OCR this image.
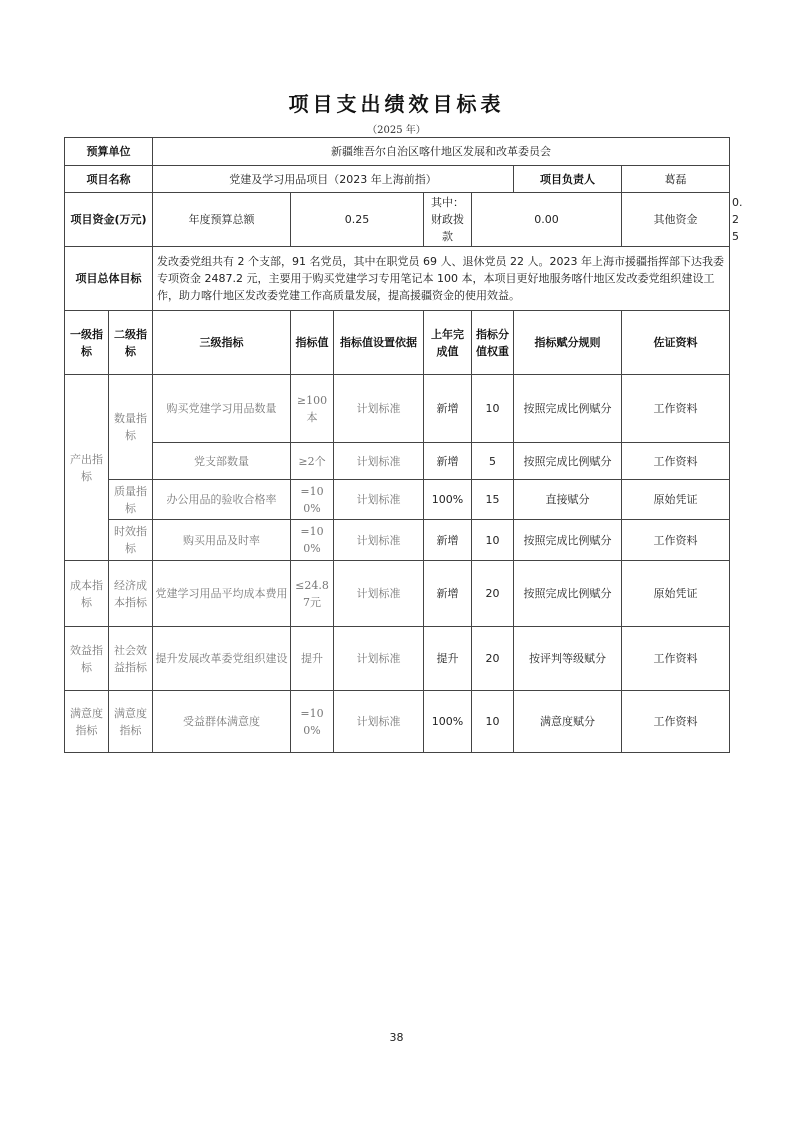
项目支出绩效目标表
（2025 年）
预算单位		新疆维吾尔自治区喀什地区发展和改革委员会							
项目名称		党建及学习用品项目（2023 年上海前指）					项目负责人	葛磊	
项目资金(万元)		年度预算总额	0.25		其中：财政拨款	0.00		其他资金	0.25
项目总体目标		发改委党组共有 2 个支部，91 名党员，其中在职党员 69 人、退休党员 22 人。2023 年上海市援疆指挥部下达我委专项资金 2487.2 元，主要用于购买党建学习专用笔记本 100 本，本项目更好地服务喀什地区发改委党组织建设工作，助力喀什地区发改委党建工作高质量发展，提高援疆资金的使用效益。							
一级指标	二级指标	三级指标	指标值	指标值设置依据	上年完成值	指标分值权重	指标赋分规则	佐证资料	
产出指标	数量指标	购买党建学习用品数量	≥100本	计划标准	新增	10	按照完成比例赋分	工作资料	
		党支部数量	≥2个	计划标准	新增	5	按照完成比例赋分	工作资料	
	质量指标	办公用品的验收合格率	=100%	计划标准	100%	15	直接赋分	原始凭证	
	时效指标	购买用品及时率	=100%	计划标准	新增	10	按照完成比例赋分	工作资料	
成本指标	经济成本指标	党建学习用品平均成本费用	≤24.87元	计划标准	新增	20	按照完成比例赋分	原始凭证	
效益指标	社会效益指标	提升发展改革委党组织建设	提升	计划标准	提升	20	按评判等级赋分	工作资料	
满意度指标	满意度指标	受益群体满意度	=100%	计划标准	100%	10	满意度赋分	工作资料	
38
